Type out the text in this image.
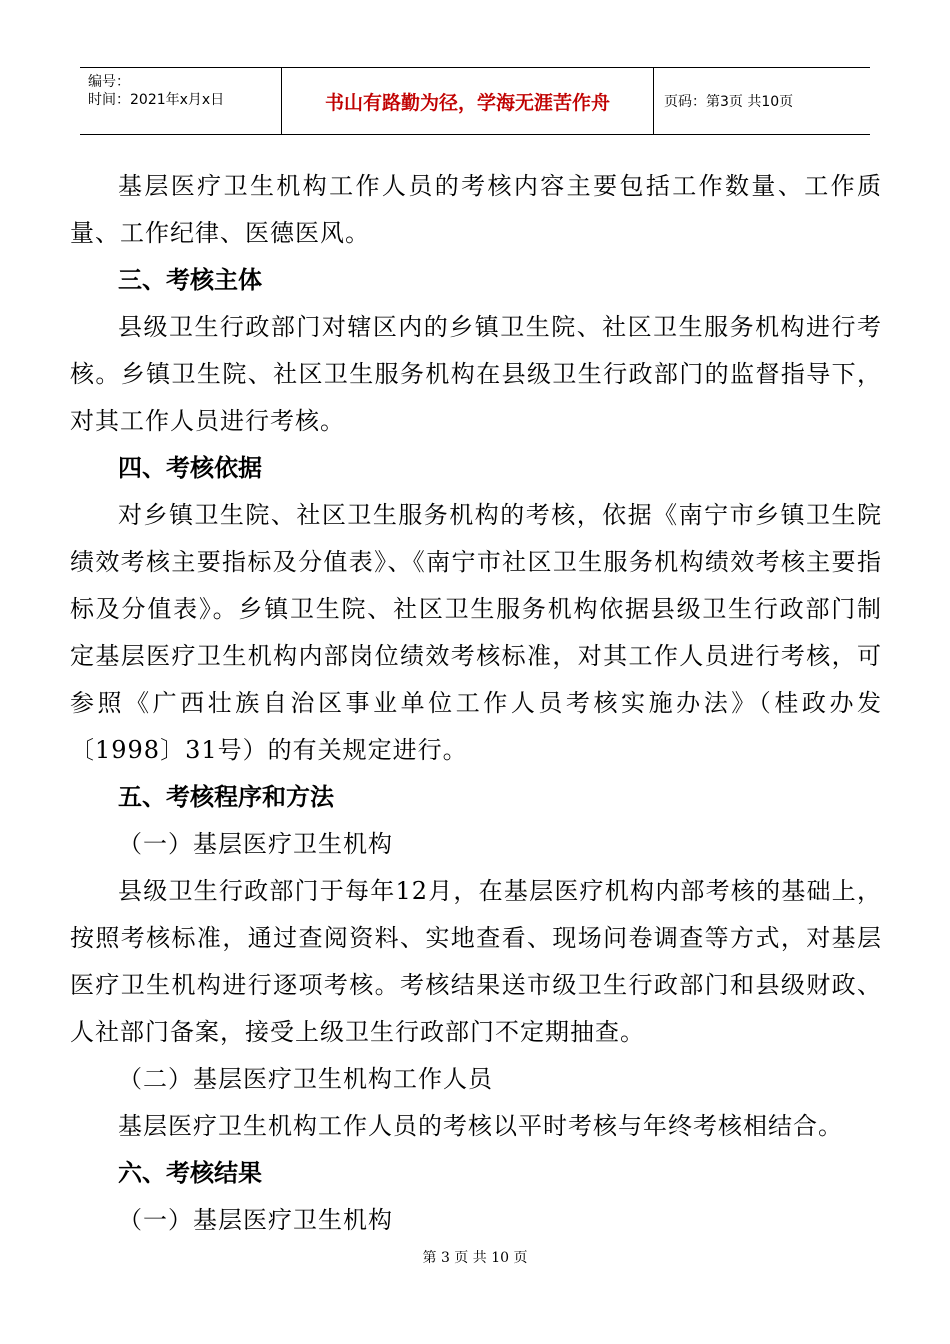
编号：
时间：2021年x月x日	书山有路勤为径，学海无涯苦作舟	页码：第3页 共10页

基层医疗卫生机构工作人员的考核内容主要包括工作数量、工作质量、工作纪律、医德医风。

三、考核主体

县级卫生行政部门对辖区内的乡镇卫生院、社区卫生服务机构进行考核。乡镇卫生院、社区卫生服务机构在县级卫生行政部门的监督指导下，对其工作人员进行考核。

四、考核依据

对乡镇卫生院、社区卫生服务机构的考核，依据《南宁市乡镇卫生院绩效考核主要指标及分值表》、《南宁市社区卫生服务机构绩效考核主要指标及分值表》。乡镇卫生院、社区卫生服务机构依据县级卫生行政部门制定基层医疗卫生机构内部岗位绩效考核标准，对其工作人员进行考核，可参照《广西壮族自治区事业单位工作人员考核实施办法》（桂政办发〔1998〕31号）的有关规定进行。

五、考核程序和方法

（一）基层医疗卫生机构

县级卫生行政部门于每年12月，在基层医疗机构内部考核的基础上，按照考核标准，通过查阅资料、实地查看、现场问卷调查等方式，对基层医疗卫生机构进行逐项考核。考核结果送市级卫生行政部门和县级财政、人社部门备案，接受上级卫生行政部门不定期抽查。

（二）基层医疗卫生机构工作人员

基层医疗卫生机构工作人员的考核以平时考核与年终考核相结合。

六、考核结果

（一）基层医疗卫生机构

第 3 页 共 10 页
